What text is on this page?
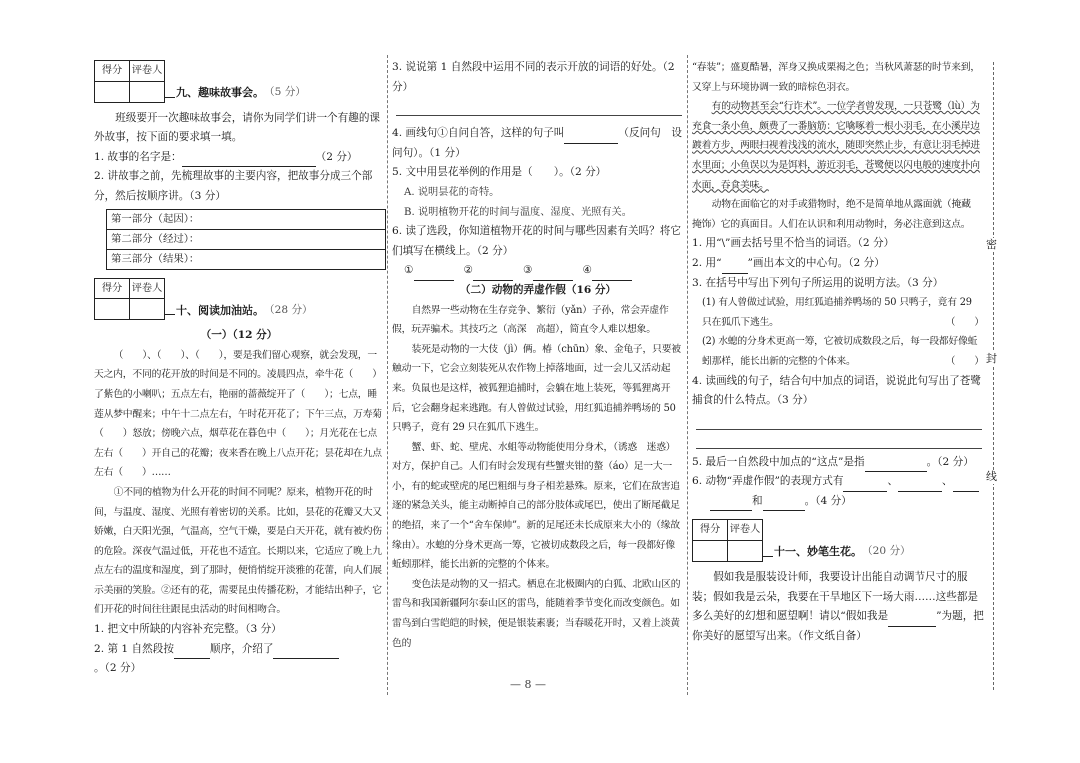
密
封
线
得分	评卷人

九、趣味故事会。 （5 分）

班级要开一次趣味故事会，请你为同学们讲一个有趣的课外故事，按下面的要求填一填。

1. 故事的名字是：	（2 分）

2. 讲故事之前，先梳理故事的主要内容，把故事分成三个部分，然后按顺序讲。（3 分）

第一部分（起因）：
第二部分（经过）：
第三部分（结果）：
得分	评卷人

十、阅读加油站。 （28 分）

（一）（12 分）

（　　）、（　　）、（　　），要是我们留心观察，就会发现，一天之内，不同的花开放的时间是不同的。凌晨四点，牵牛花（　　）了紫色的小喇叭；五点左右，艳丽的蔷薇绽开了（　　）；七点，睡莲从梦中醒来；中午十二点左右，午时花开花了；下午三点，万寿菊（　　）怒放；傍晚六点，烟草花在暮色中（　　）；月光花在七点左右（　　）开自己的花瓣；夜来香在晚上八点开花；昙花却在九点左右（　　）……

①不同的植物为什么开花的时间不同呢？原来，植物开花的时间，与温度、湿度、光照有着密切的关系。比如，昙花的花瓣又大又娇嫩，白天阳光强，气温高，空气干燥，要是白天开花，就有被灼伤的危险。深夜气温过低，开花也不适宜。长期以来，它适应了晚上九点左右的温度和湿度，到了那时，便悄悄绽开淡雅的花蕾，向人们展示美丽的笑脸。②还有的花，需要昆虫传播花粉，才能结出种子，它们开花的时间往往跟昆虫活动的时间相吻合。

1. 把文中所缺的内容补充完整。（3 分）

2. 第 1 自然段按	顺序，介绍了。（2 分）

3. 说说第 1 自然段中运用不同的表示开放的词语的好处。（2 分）

4. 画线句①自问自答，这样的句子叫	（反问句　设问句）。（1 分）

5. 文中用昙花举例的作用是（　　）。（2 分）

A. 说明昙花的奇特。

B. 说明植物开花的时间与温度、湿度、光照有关。

6. 读了选段，你知道植物开花的时间与哪些因素有关吗？将它们填写在横线上。（2 分）

①	②	③	④

（二）动物的弄虚作假（16 分）

自然界一些动物在生存竞争、繁衍（yǎn）子孙，常会弄虚作假，玩弄骗术。其技巧之（高深　高超），简直令人难以想象。

装死是动物的一大伎（jì）俩。椿（chūn）象、金龟子，只要被触动一下，它会立刻装死从农作物上掉落地面，过一会儿又活动起来。负鼠也是这样，被狐狸追捕时，会躺在地上装死，等狐狸离开后，它会翻身起来逃跑。有人曾做过试验，用红狐追捕养鸭场的 50 只鸭子，竟有 29 只在狐爪下逃生。

蟹、虾、蛇、壁虎、水蛆等动物能使用分身术，（诱惑　迷惑）对方，保护自己。人们有时会发现有些蟹夹钳的螯（áo）足一大一小，有的蛇或壁虎的尾巴粗细与身子相差悬殊。原来，它们在敌害追逐的紧急关头，能主动断掉自己的部分肢体或尾巴，使出了断尾截足的绝招，来了一个“舍车保帅”。新的足尾还未长成原来大小的（缘故　缘由）。水螅的分身术更高一筹，它被切成数段之后，每一段都好像蚯蚓那样，能长出新的完整的个体来。

变色法是动物的又一招式。栖息在北极圈内的白狐、北欧山区的雷鸟和我国新疆阿尔泰山区的雷鸟，能随着季节变化而改变颜色。如雷鸟到白雪皑皑的时候，便是银装素裹；当春暖花开时，又着上淡黄色的

“春装”；盛夏酷暑，浑身又换成栗褐之色；当秋风萧瑟的时节来到，又穿上与环境协调一致的暗棕色羽衣。

有的动物甚至会“行诈术”。一位学者曾发现，一只苍鹭（lù）为充食一条小鱼，颇费了一番脑筋：它噙啄着一根小羽毛，在小溪岸边踱着方步，两眼扫视着浅浅的流水，随即突然止步，有意让羽毛掉进水里面；小鱼误以为是饵料，游近羽毛，苍鹭便以闪电般的速度扑向水面，吞食美味。

动物在面临它的对手或猎物时，绝不是简单地从露面就（掩藏　掩饰）它的真面目。人们在认识和利用动物时，务必注意到这点。

1. 用“\”画去括号里不恰当的词语。（2 分）

2. 用“ ”画出本文的中心句。（2 分）

3. 在括号中写出下列句子所运用的说明方法。（3 分）

(1) 有人曾做过试验，用红狐追捕养鸭场的 50 只鸭子，竟有 29 只在狐爪下逃生。	（　　）

(2) 水螅的分身术更高一筹，它被切成数段之后，每一段都好像蚯蚓那样，能长出新的完整的个体来。	（　　）

4. 读画线的句子，结合句中加点的词语，说说此句写出了苍鹭捕食的什么特点。（3 分）

5. 最后一自然段中加点的“这点”是指	。（2 分）

6. 动物“弄虚作假”的表现方式有	、	、
和	。（4 分）

得分	评卷人

十一、妙笔生花。 （20 分）

假如我是服装设计师，我要设计出能自动调节尺寸的服装；假如我是云朵，我要在干旱地区下一场大雨……这些都是多么美好的幻想和愿望啊！请以“假如我是	”为题，把你美好的愿望写出来。（作文纸自备）

— 8 —
